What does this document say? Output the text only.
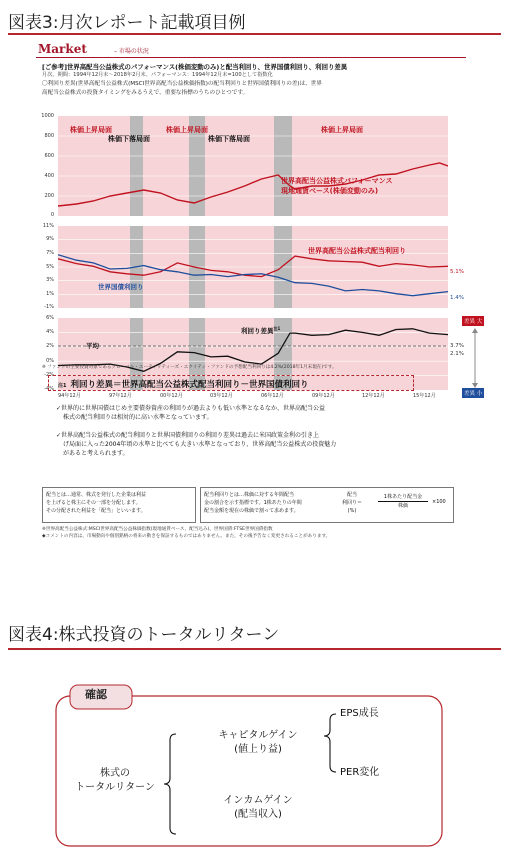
図表3:月次レポート記載項目例
Market	– 市場の状況
[ご参考]世界高配当公益株式のパフォーマンス(株価変動のみ)と配当利回り、世界国債利回り、利回り差異
月次、期間：1994年12月末～2018年2月末、パフォーマンス：1994年12月末=100として指数化
〇利回り差異(世界高配当公益株式(MSCI世界高配当公益株価指数)の配当利回りと世界国債利回りの差)は、世界
高配当公益株式の投資タイミングをみるうえで、重要な指標のうちのひとつです。
1000
800
600
400
200
0
株価上昇局面
株価下落局面
株価上昇局面
株価下落局面
株価上昇局面
世界高配当公益株式パフォーマンス
現地通貨ベース(株価変動のみ)
11%
9%
7%
5%
3%
1%
-1%
世界高配当公益株式配当利回り
世界国債利回り
5.1%
1.4%
6%
4%
2%
0%
-2%
-4%
平均
利回り差異$^{注1}$
3.7%
2.1%
差異 大
差異 小
94年12月	97年12月	00年12月	03年12月	06年12月	09年12月	12年12月	15年12月
※ ファンドの主要投資対象であるグローバル・ユーティリティーズ・エクイティ・ファンドの予想配当利回りは4.2%(2018年1月末現在)です。
注1 利回り差異＝世界高配当公益株式配当利回り－世界国債利回り
✓世界的に世界国債はじめ主要債券資産の利回りが過去よりも低い水準となるなか、世界高配当公益
株式の配当利回りは相対的に高い水準となっています。
✓世界高配当公益株式の配当利回りと世界国債利回りの利回り差異は過去に米国政策金利の引き上
げ局面に入った2004年頃の水準と比べても大きい水準となっており、世界高配当公益株式の投資魅力
があると考えられます。
配当とは…通常、株式を発行した企業は利益
を上げると株主にその一部を分配します。
その分配された利益を「配当」といいます。
配当利回りとは…株価に対する年間配当
金の割合を示す指標です。1株あたりの年間
配当金額を現在の株価で割って求めます。
配当
利回り＝
(%)
1株あたり配当金
株価
×100
※世界高配当公益株式:MSCI世界高配当公益株価指数(現地通貨ベース、配当込み)、世界国債:FTSE世界国債指数
◆コメントの内容は、市場動向や個別銘柄の将来の動きを保証するものではありません。また、その後予告なく変更されることがあります。
図表4:株式投資のトータルリターン
確認
株式の
トータルリターン
キャピタルゲイン
(値上り益)
インカムゲイン
(配当収入)
EPS成長
PER変化
